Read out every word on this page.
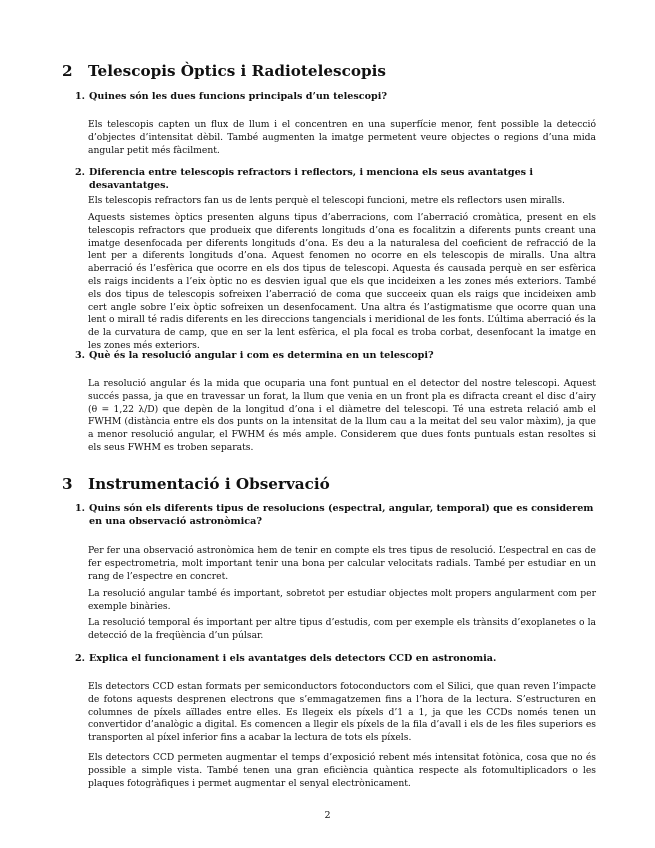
2 Telescopis Òptics i Radiotelescopis
1. Quines són les dues funcions principals d’un telescopi?

Els telescopis capten un flux de llum i el concentren en una superfície menor, fent possible la detecció d’objectes d’intensitat dèbil. També augmenten la imatge permetent veure objectes o regions d’una mida angular petit més fàcilment.

2. Diferencia entre telescopis refractors i reflectors, i menciona els seus avantatges i desavantatges.

Els telescopis refractors fan us de lents perquè el telescopi funcioni, metre els reflectors usen miralls.

Aquests sistemes òptics presenten alguns tipus d’aberracions, com l’aberració cromàtica, present en els telescopis refractors que produeix que diferents longituds d’ona es focalitzin a diferents punts creant una imatge desenfocada per diferents longituds d’ona. Es deu a la naturalesa del coeficient de refracció de la lent per a diferents longituds d’ona. Aquest fenomen no ocorre en els telescopis de miralls. Una altra aberració és l’esfèrica que ocorre en els dos tipus de telescopi. Aquesta és causada perquè en ser esfèrica els raigs incidents a l’eix òptic no es desvien igual que els que incideixen a les zones més exteriors. També els dos tipus de telescopis sofreixen l’aberració de coma que succeeix quan els raigs que incideixen amb cert angle sobre l’eix òptic sofreixen un desenfocament. Una altra és l’astigmatisme que ocorre quan una lent o mirall té radis diferents en les direccions tangencials i meridional de les fonts. L’última aberració és la de la curvatura de camp, que en ser la lent esfèrica, el pla focal es troba corbat, desenfocant la imatge en les zones més exteriors.

3. Què és la resolució angular i com es determina en un telescopi?

La resolució angular és la mida que ocuparia una font puntual en el detector del nostre telescopi. Aquest succés passa, ja que en travessar un forat, la llum que venia en un front pla es difracta creant el disc d’airy (θ = 1,22 λ/D) que depèn de la longitud d’ona i el diàmetre del telescopi. Té una estreta relació amb el FWHM (distància entre els dos punts on la intensitat de la llum cau a la meitat del seu valor màxim), ja que a menor resolució angular, el FWHM és més ample. Considerem que dues fonts puntuals estan resoltes si els seus FWHM es troben separats.

3 Instrumentació i Observació
1. Quins són els diferents tipus de resolucions (espectral, angular, temporal) que es considerem en una observació astronòmica?

Per fer una observació astronòmica hem de tenir en compte els tres tipus de resolució. L’espectral en cas de fer espectrometria, molt important tenir una bona per calcular velocitats radials. També per estudiar en un rang de l’espectre en concret.

La resolució angular també és important, sobretot per estudiar objectes molt propers angularment com per exemple binàries.

La resolució temporal és important per altre tipus d’estudis, com per exemple els trànsits d’exoplanetes o la detecció de la freqüència d’un púlsar.

2. Explica el funcionament i els avantatges dels detectors CCD en astronomia.

Els detectors CCD estan formats per semiconductors fotoconductors com el Silici, que quan reven l’impacte de fotons aquests desprenen electrons que s’emmagatzemen fins a l’hora de la lectura. S’estructuren en columnes de píxels aïllades entre elles. Es llegeix els píxels d’1 a 1, ja que les CCDs només tenen un convertidor d’analògic a digital. Es comencen a llegir els píxels de la fila d’avall i els de les files superiors es transporten al píxel inferior fins a acabar la lectura de tots els píxels.

Els detectors CCD permeten augmentar el temps d’exposició rebent més intensitat fotònica, cosa que no és possible a simple vista. També tenen una gran eficiència quàntica respecte als fotomultiplicadors o les plaques fotogràfiques i permet augmentar el senyal electrònicament.

2
